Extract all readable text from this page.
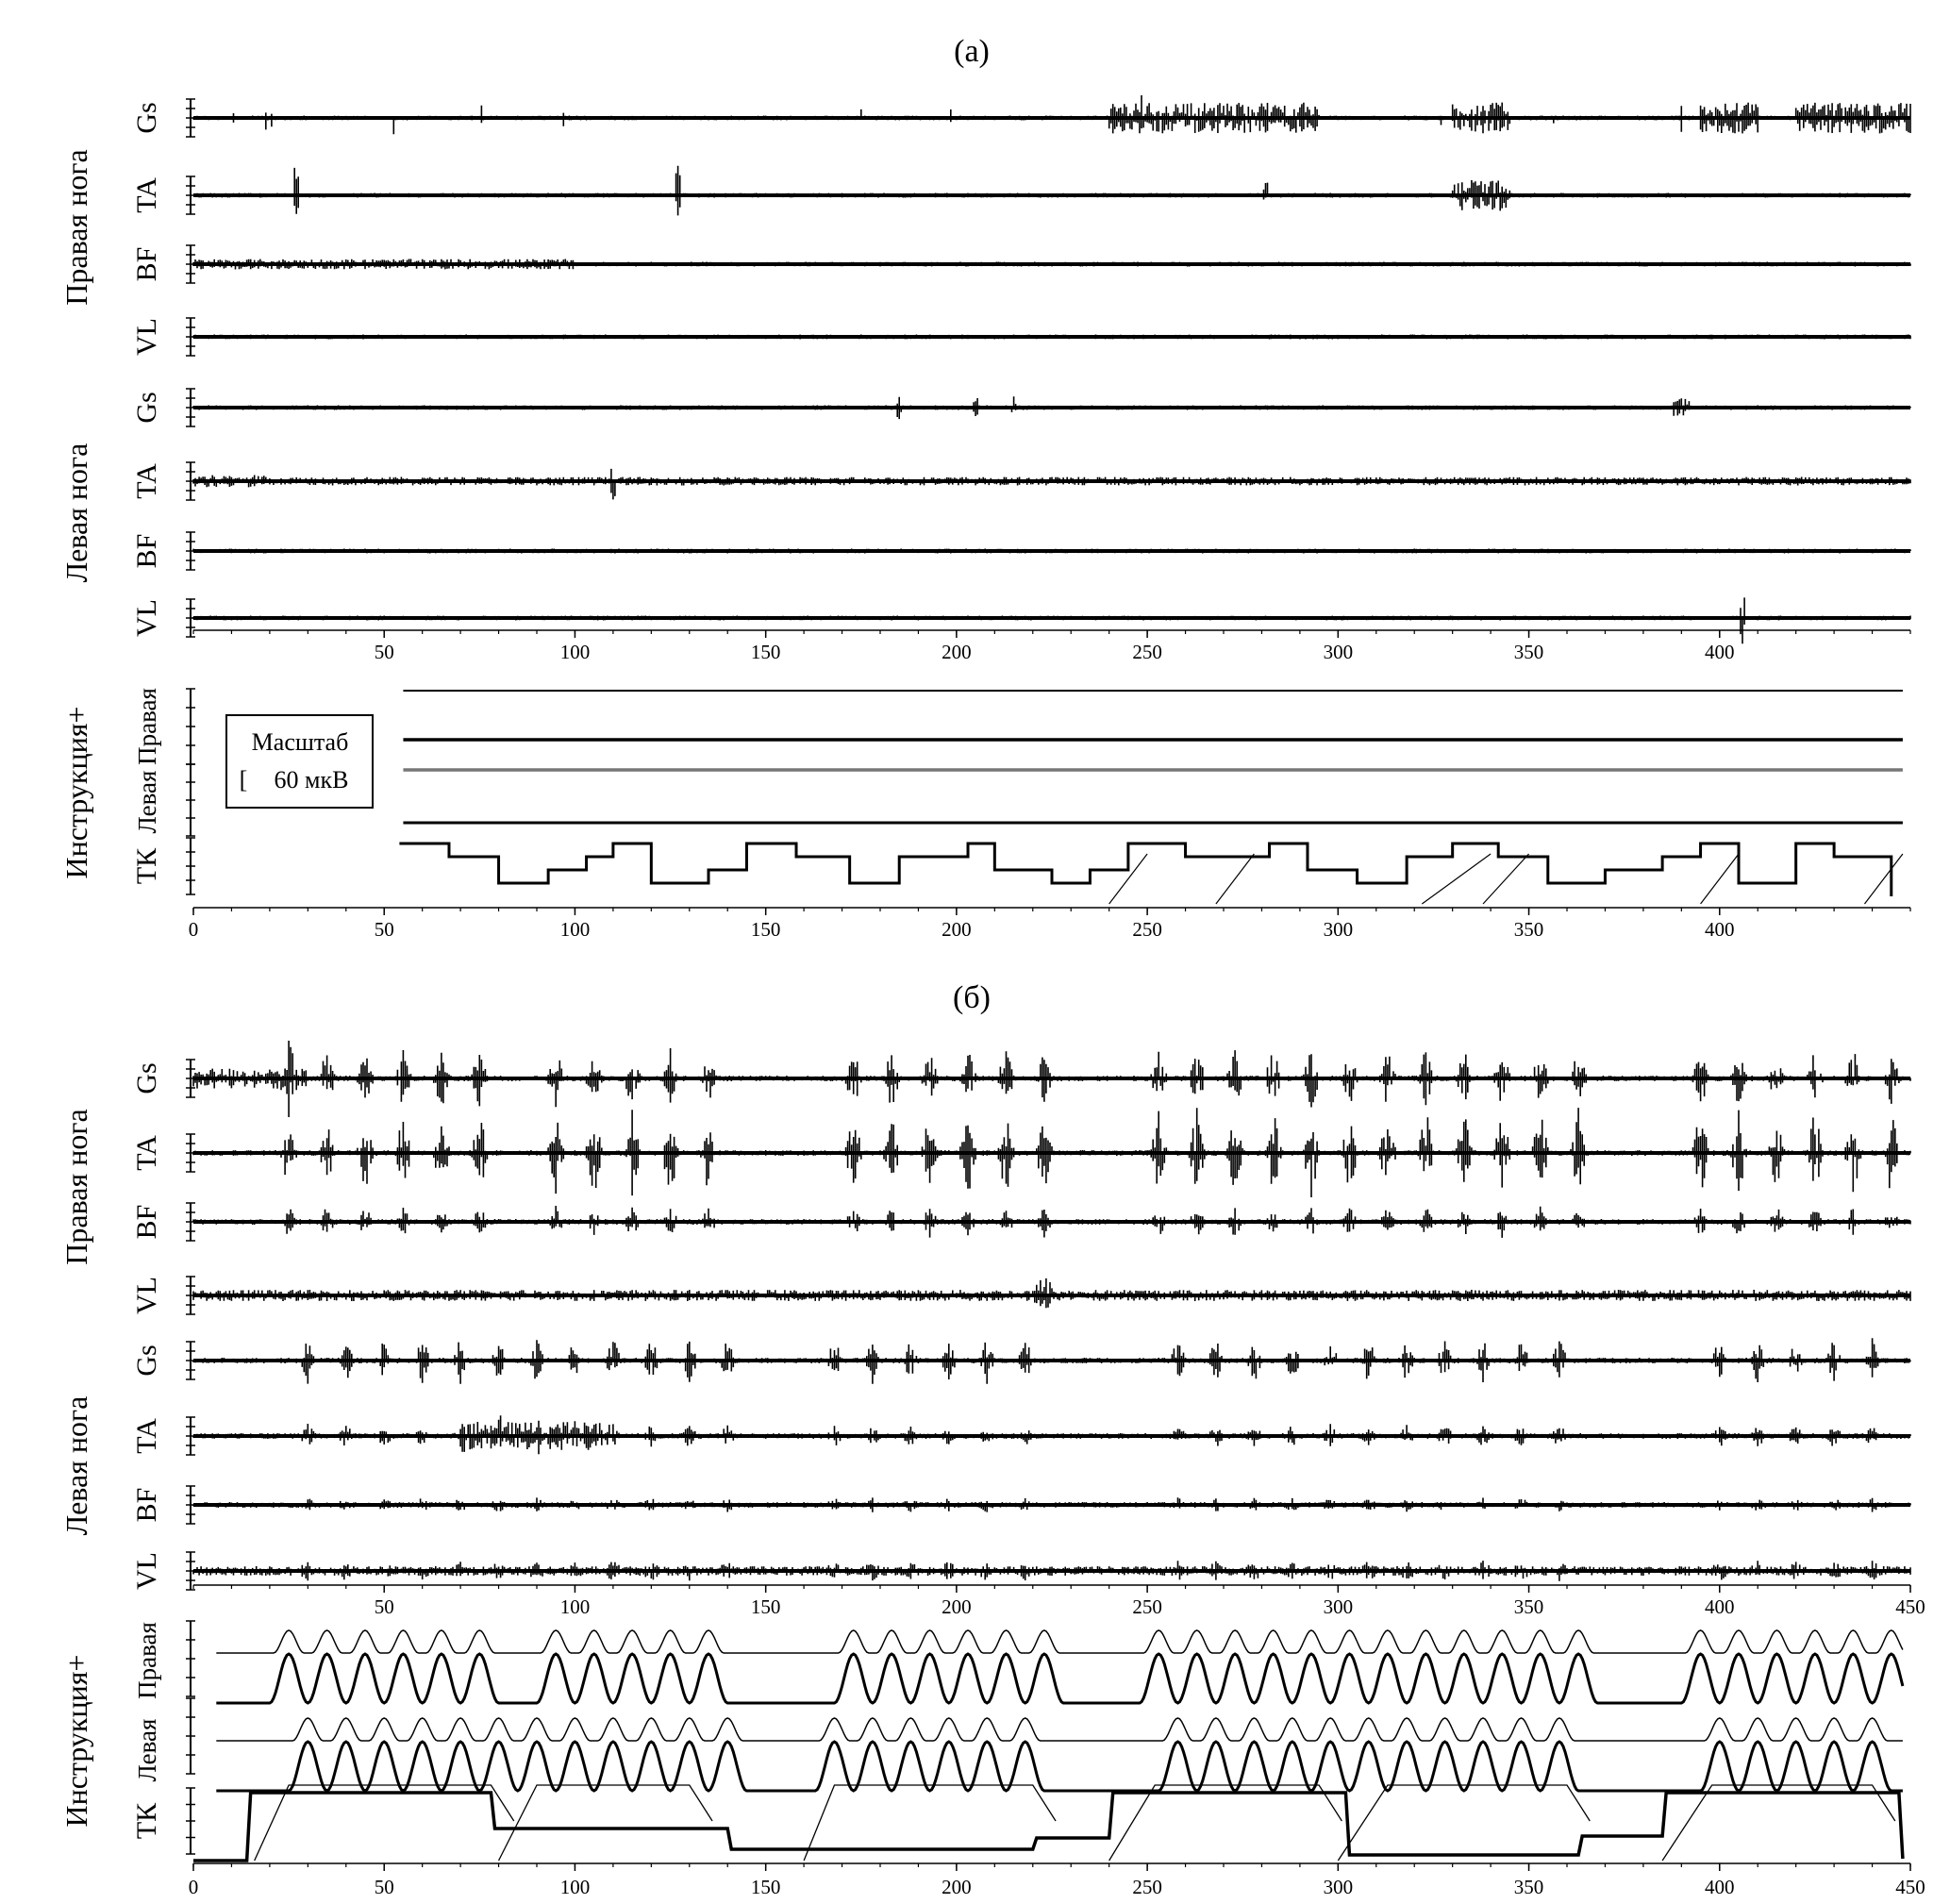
(a)
Gs
TA
BF
VL
Правая нога
Gs
TA
BF
VL
Левая нога
50	100	150	200	250	300	350	400
Правая
Левая
ТК
Инструкция+	Масштаб
[ 60 мкВ
0	50	100	150	200	250	300	350	400
(б)
Gs
TA
BF
VL
Правая нога
Gs
TA
BF
VL
Левая нога
50	100	150	200	250	300	350	400	450
Правая
Левая
ТК
Инструкция+
0	50	100	150	200	250	300	350	400	450
